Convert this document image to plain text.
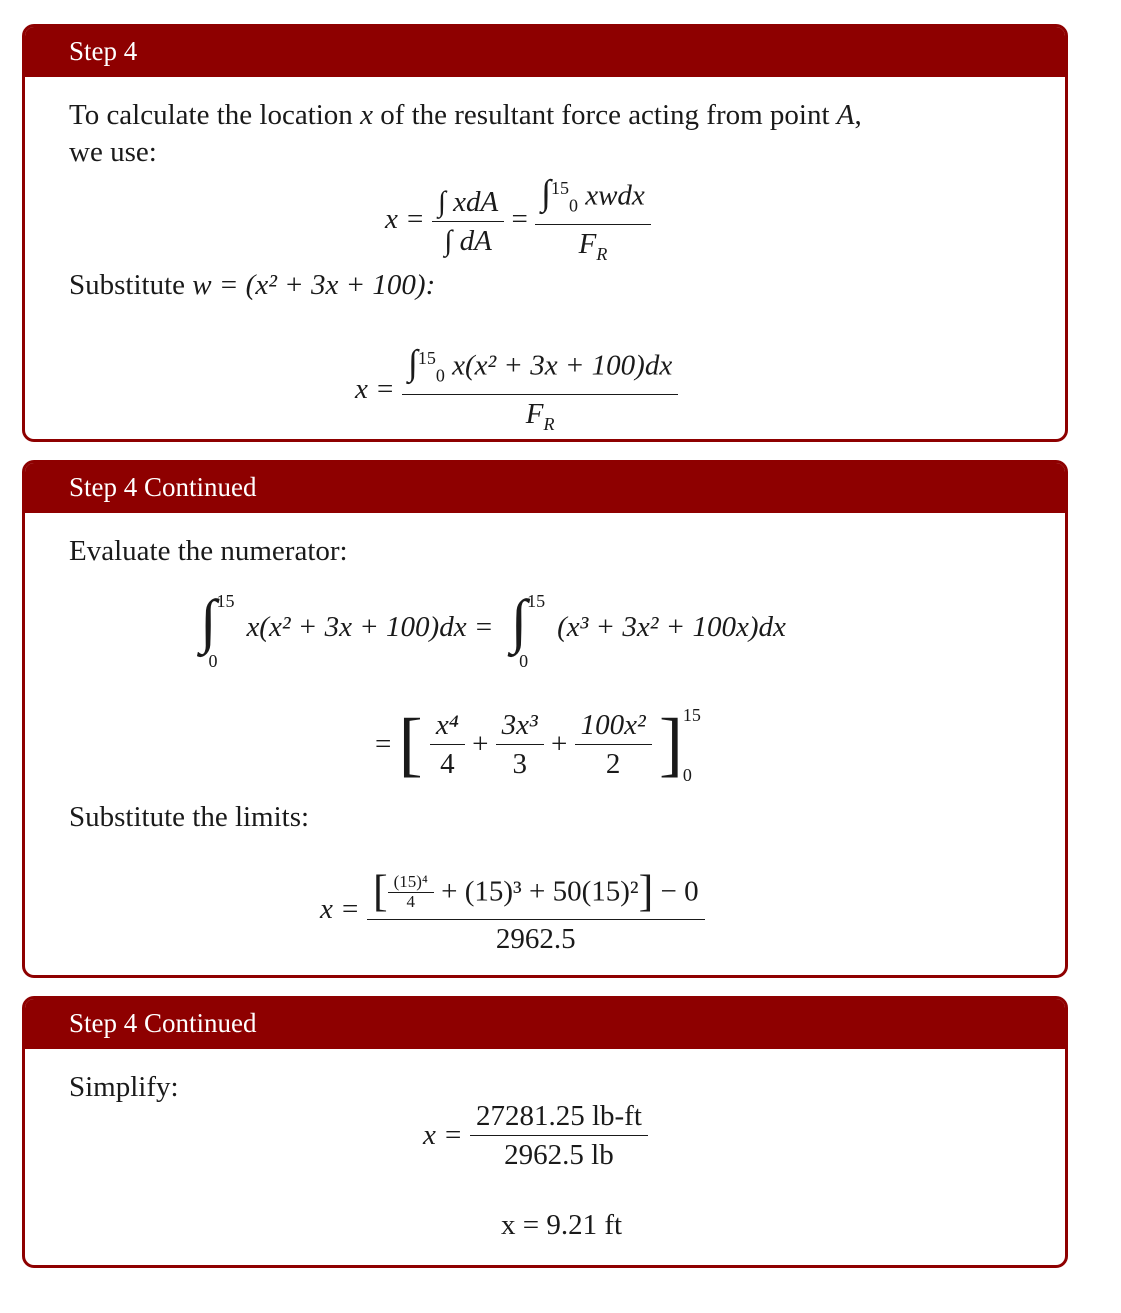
Step 4
To calculate the location x of the resultant force acting from point A,
we use:
$x = \frac{\text{∫ xdA}}{\int dA} = \frac{\int^{15}_0 xwdx}{F_R}$
Substitute w = (x² + 3x + 100):
$x = \frac{\int^{15}_0 x(x^2 + 3x + 100)dx}{F_R}$
Step 4 Continued
Evaluate the numerator:
∫ 15
0
x(x² + 3x + 100)dx = ∫ 15
0
(x³ + 3x² + 100x)dx
= [ $\frac{\text{x⁴}}{4} + \frac{\text{3x³}}{3} + \frac{\text{100x²}}{2}$ ] 15
0
Substitute the limits:
$x = \frac{[ \frac{\text{(15)⁴}}{4} + (15)^3 + 50(15)^2] - 0}{2962.5}$
Step 4 Continued
Simplify:
$x = \frac{27281.25 lb-ft}{2962.5 lb}$
x = 9.21 ft
